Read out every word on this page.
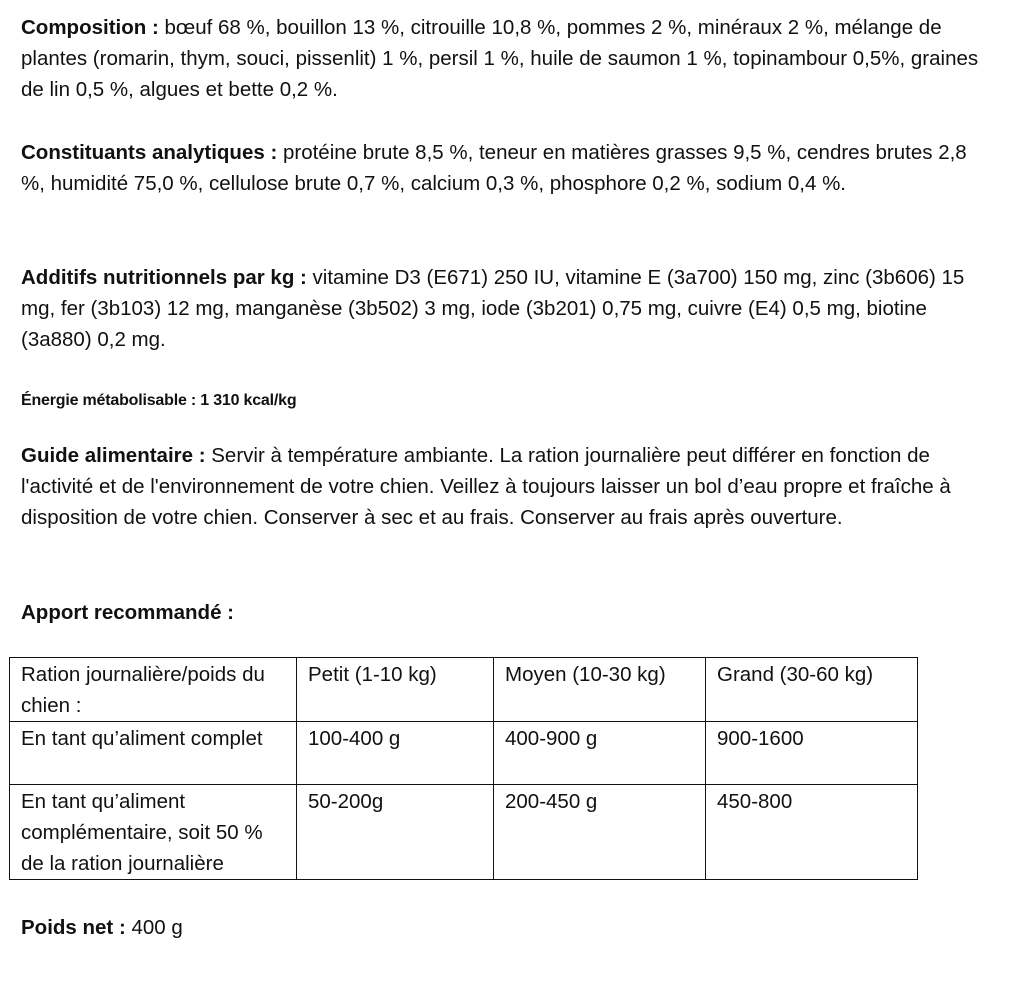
Composition : bœuf 68 %, bouillon 13 %, citrouille 10,8 %, pommes 2 %, minéraux 2 %, mélange de plantes (romarin, thym, souci, pissenlit) 1 %, persil 1 %, huile de saumon 1 %, topinambour 0,5%, graines de lin 0,5 %, algues et bette 0,2 %.

Constituants analytiques : protéine brute 8,5 %, teneur en matières grasses 9,5 %, cendres brutes 2,8 %, humidité 75,0 %, cellulose brute 0,7 %, calcium 0,3 %, phosphore 0,2 %, sodium 0,4 %.

Additifs nutritionnels par kg : vitamine D3 (E671) 250 IU, vitamine E (3a700) 150 mg, zinc (3b606) 15 mg, fer (3b103) 12 mg, manganèse (3b502) 3 mg, iode (3b201) 0,75 mg, cuivre (E4) 0,5 mg, biotine (3a880) 0,2 mg.

Énergie métabolisable : 1 310 kcal/kg

Guide alimentaire : Servir à température ambiante. La ration journalière peut différer en fonction de l'activité et de l'environnement de votre chien. Veillez à toujours laisser un bol d’eau propre et fraîche à disposition de votre chien. Conserver à sec et au frais. Conserver au frais après ouverture.

Apport recommandé :

Ration journalière/poids du chien :	Petit (1-10 kg)	Moyen (10-30 kg)	Grand (30-60 kg)
En tant qu’aliment complet	100-400 g	400-900 g	900-1600
En tant qu’aliment complémentaire, soit 50 % de la ration journalière	50-200g	200-450 g	450-800

Poids net : 400 g
